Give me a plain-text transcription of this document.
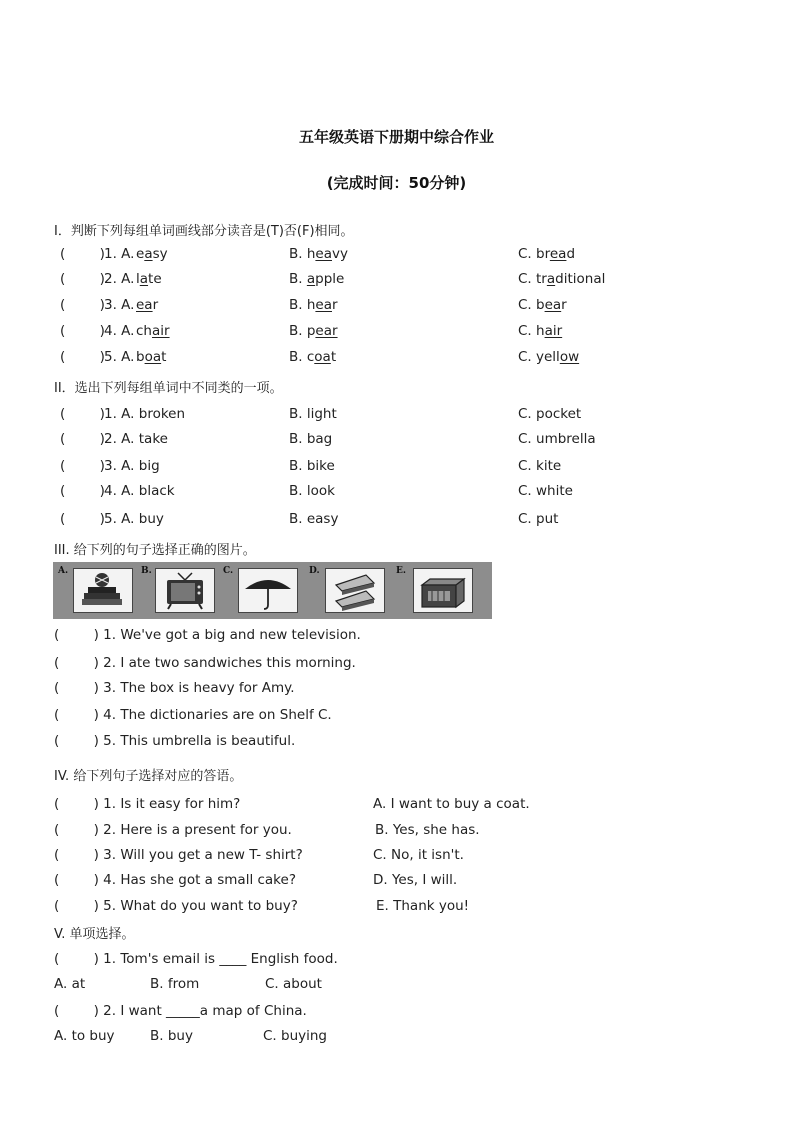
五年级英语下册期中综合作业
(完成时间：50分钟)
I．判断下列每组单词画线部分读音是(T)否(F)相同。
(        ) 1. A. easy	B. heavy	C. bread
(        ) 2. A. late	B. apple	C. traditional
(        ) 3. A. ear	B. hear	C. bear
(        ) 4. A. chair	B. pear	C. hair
(        ) 5. A. boat	B. coat	C. yellow
II．选出下列每组单词中不同类的一项。
(        ) 1. A. broken	B. light	C. pocket
(        ) 2. A. take	B. bag	C. umbrella
(        ) 3. A. big	B. bike	C. kite
(        ) 4. A. black	B. look	C. white
(        ) 5. A. buy	B. easy	C. put
III. 给下列的句子选择正确的图片。
A.	B.	C.	D.	E.
(        ) 1. We've got a big and new television.
(        ) 2. I ate two sandwiches this morning.
(        ) 3. The box is heavy for Amy.
(        ) 4. The dictionaries are on Shelf C.
(        ) 5. This umbrella is beautiful.
IV. 给下列句子选择对应的答语。
(        ) 1. Is it easy for him?	A. I want to buy a coat.
(        ) 2. Here is a present for you.	B. Yes, she has.
(        ) 3. Will you get a new T- shirt?	C. No, it isn't.
(        ) 4. Has she got a small cake?	D. Yes, I will.
(        ) 5. What do you want to buy?	E. Thank you!
V. 单项选择。
(        ) 1. Tom's email is ____ English food.
A. at	B. from	C. about
(        ) 2. I want _____a map of China.
A. to buy	B. buy	C. buying
